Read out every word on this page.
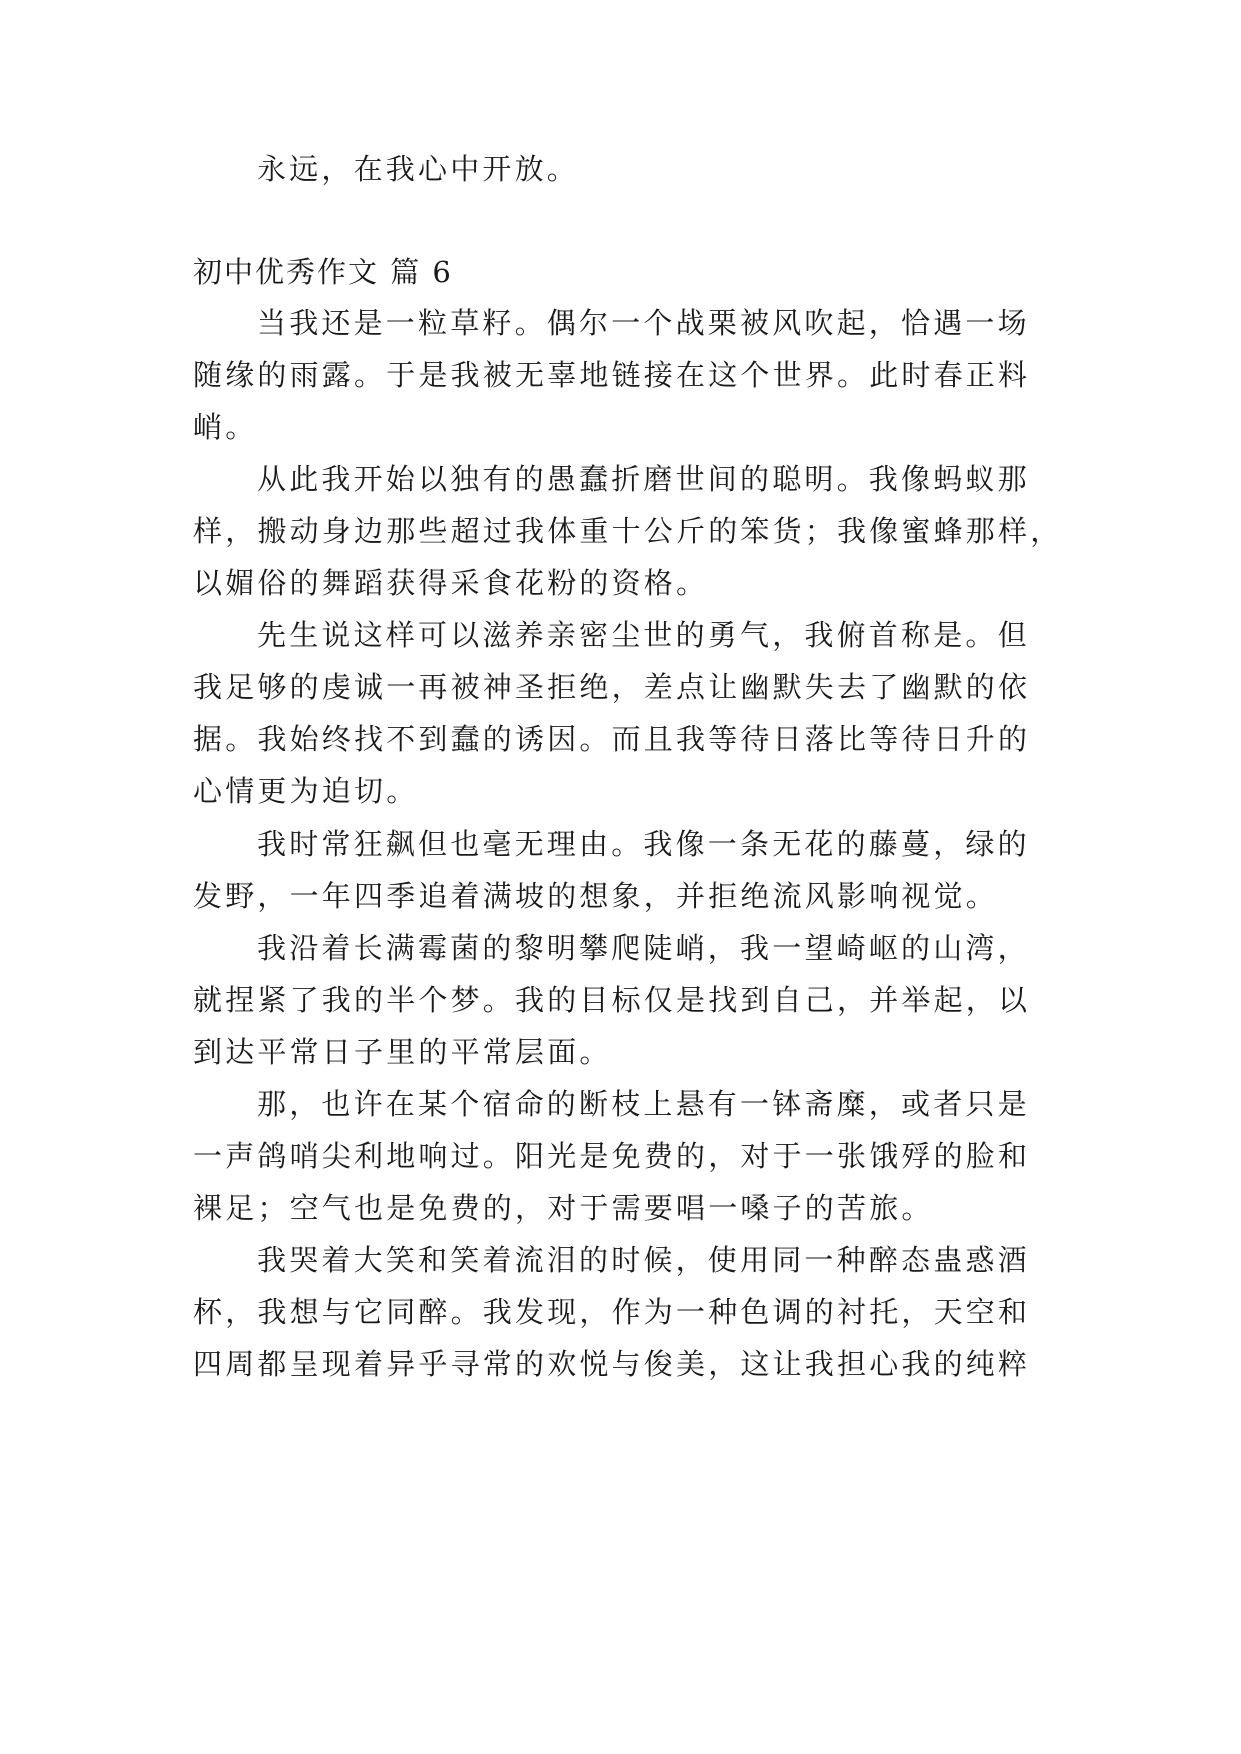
永远，在我心中开放。
初中优秀作文 篇 6
当我还是一粒草籽。偶尔一个战栗被风吹起，恰遇一场
随缘的雨露。于是我被无辜地链接在这个世界。此时春正料
峭。
从此我开始以独有的愚蠢折磨世间的聪明。我像蚂蚁那
样，搬动身边那些超过我体重十公斤的笨货；我像蜜蜂那样，
以媚俗的舞蹈获得采食花粉的资格。
先生说这样可以滋养亲密尘世的勇气，我俯首称是。但
我足够的虔诚一再被神圣拒绝，差点让幽默失去了幽默的依
据。我始终找不到蠢的诱因。而且我等待日落比等待日升的
心情更为迫切。
我时常狂飙但也毫无理由。我像一条无花的藤蔓，绿的
发野，一年四季追着满坡的想象，并拒绝流风影响视觉。
我沿着长满霉菌的黎明攀爬陡峭，我一望崎岖的山湾，
就捏紧了我的半个梦。我的目标仅是找到自己，并举起，以
到达平常日子里的平常层面。
那，也许在某个宿命的断枝上悬有一钵斋糜，或者只是
一声鸽哨尖利地响过。阳光是免费的，对于一张饿殍的脸和
裸足；空气也是免费的，对于需要唱一嗓子的苦旅。
我哭着大笑和笑着流泪的时候，使用同一种醉态蛊惑酒
杯，我想与它同醉。我发现，作为一种色调的衬托，天空和
四周都呈现着异乎寻常的欢悦与俊美，这让我担心我的纯粹
